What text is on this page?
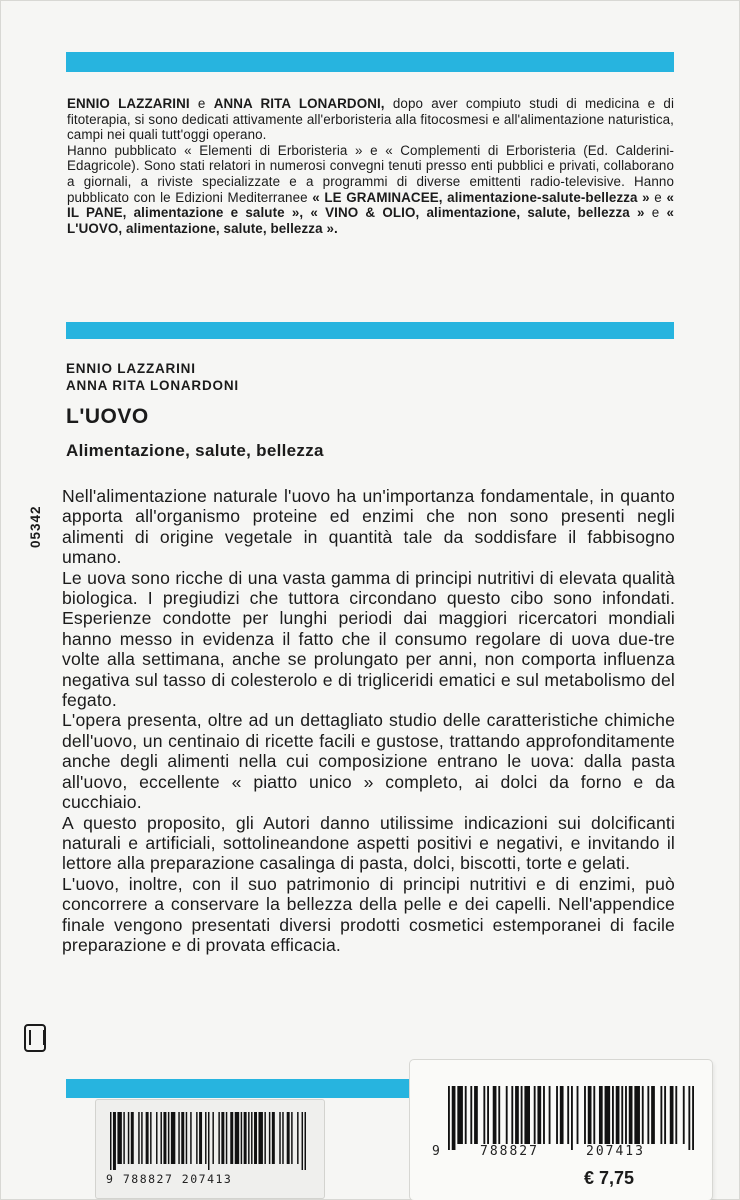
ENNIO LAZZARINI e ANNA RITA LONARDONI, dopo aver compiuto studi di medicina e di fitoterapia, si sono dedicati attivamente all'erboristeria alla fitocosmesi e all'alimentazione naturistica, campi nei quali tutt'oggi operano.

Hanno pubblicato « Elementi di Erboristeria » e « Complementi di Erboristeria (Ed. Calderini-Edagricole). Sono stati relatori in numerosi convegni tenuti presso enti pubblici e privati, collaborano a giornali, a riviste specializzate e a programmi di diverse emittenti radio-televisive. Hanno pubblicato con le Edizioni Mediterranee « LE GRAMINACEE, alimentazione-salute-bellezza » e « IL PANE, alimentazione e salute », « VINO & OLIO, alimentazione, salute, bellezza » e « L'UOVO, alimentazione, salute, bellezza ».

ENNIO LAZZARINI
ANNA RITA LONARDONI
L'UOVO
Alimentazione, salute, bellezza
05342

Nell'alimentazione naturale l'uovo ha un'importanza fondamentale, in quanto apporta all'organismo proteine ed enzimi che non sono presenti negli alimenti di origine vegetale in quantità tale da soddisfare il fabbisogno umano.

Le uova sono ricche di una vasta gamma di principi nutritivi di elevata qualità biologica. I pregiudizi che tuttora circondano questo cibo sono infondati. Esperienze condotte per lunghi periodi dai maggiori ricercatori mondiali hanno messo in evidenza il fatto che il consumo regolare di uova due-tre volte alla settimana, anche se prolungato per anni, non comporta influenza negativa sul tasso di colesterolo e di trigliceridi ematici e sul metabolismo del fegato.

L'opera presenta, oltre ad un dettagliato studio delle caratteristiche chimiche dell'uovo, un centinaio di ricette facili e gustose, trattando approfonditamente anche degli alimenti nella cui composizione entrano le uova: dalla pasta all'uovo, eccellente « piatto unico » completo, ai dolci da forno e da cucchiaio.

A questo proposito, gli Autori danno utilissime indicazioni sui dolcificanti naturali e artificiali, sottolineandone aspetti positivi e negativi, e invitando il lettore alla preparazione casalinga di pasta, dolci, biscotti, torte e gelati.

L'uovo, inoltre, con il suo patrimonio di principi nutritivi e di enzimi, può concorrere a conservare la bellezza della pelle e dei capelli. Nell'appendice finale vengono presentati diversi prodotti cosmetici estemporanei di facile preparazione e di provata efficacia.

9 788827 207413
9	788827	207413
€ 7,75
